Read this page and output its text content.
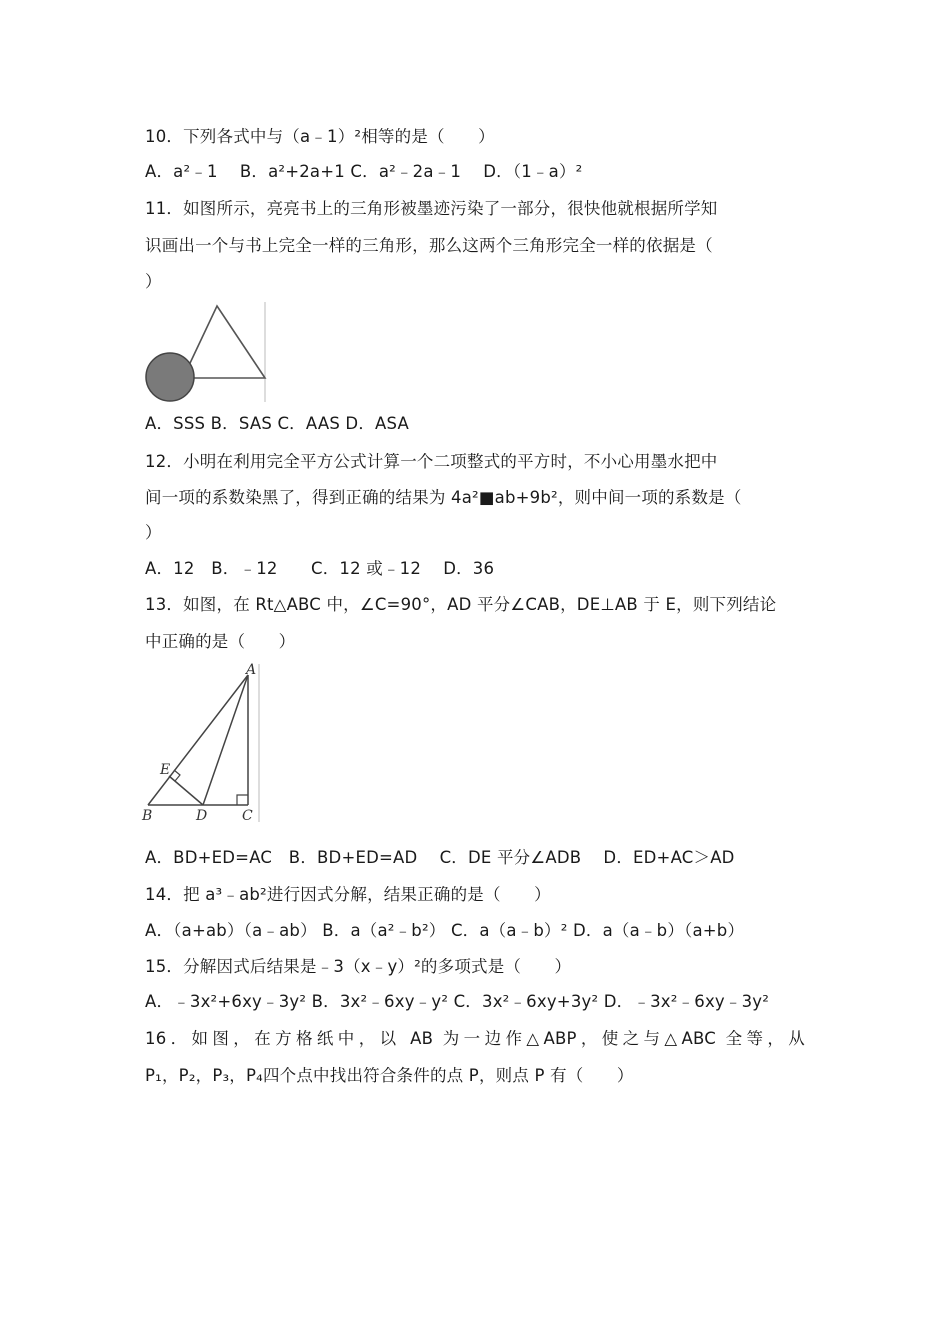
10．下列各式中与（a﹣1）²相等的是（　　）
A．a²﹣1　 B．a²+2a+1 C．a²﹣2a﹣1　 D．（1﹣a）²
11．如图所示，亮亮书上的三角形被墨迹污染了一部分，很快他就根据所学知
识画出一个与书上完全一样的三角形，那么这两个三角形完全一样的依据是（
）
A．SSS B．SAS C．AAS D．ASA
12．小明在利用完全平方公式计算一个二项整式的平方时，不小心用墨水把中
间一项的系数染黑了，得到正确的结果为 4a²■ab+9b²，则中间一项的系数是（
）
A．12　B．﹣12　　C．12 或﹣12　 D．36
13．如图，在 Rt△ABC 中，∠C=90°，AD 平分∠CAB，DE⊥AB 于 E，则下列结论
中正确的是（　　）
A
B	C
D
E
A．BD+ED=AC　B．BD+ED=AD　 C．DE 平分∠ADB　 D．ED+AC＞AD
14．把 a³﹣ab²进行因式分解，结果正确的是（　　）
A．（a+ab）（a﹣ab） B．a（a²﹣b²） C．a（a﹣b）² D．a（a﹣b）（a+b）
15．分解因式后结果是﹣3（x﹣y）²的多项式是（　　）
A．﹣3x²+6xy﹣3y² B．3x²﹣6xy﹣y² C．3x²﹣6xy+3y² D．﹣3x²﹣6xy﹣3y²
16．如图，在方格纸中，以 AB 为一边作△ABP，使之与△ABC 全等，从
P₁，P₂，P₃，P₄四个点中找出符合条件的点 P，则点 P 有（　　）
